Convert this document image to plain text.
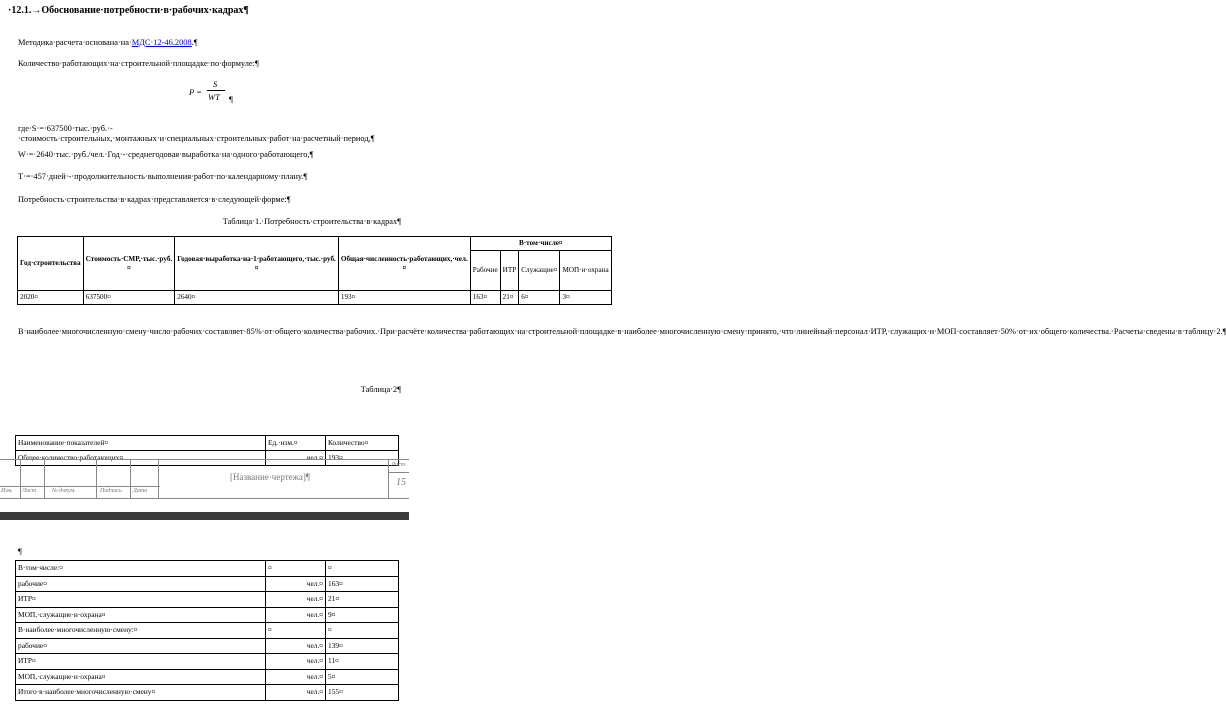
·12.1.→Обоснование·потребности·в·рабочих·кадрах¶
Методика·расчета·основана·на·МДС·12-46.2008.¶
Количество·работающих·на·строительной·площадке·по·формуле:¶
P =
S
WT ¶
где·S·=·637500·тыс.·руб.·-·стоимость·строительных,·монтажных·и·специальных·строительных·работ·на·расчетный·период,¶
W·=·2640·тыс.·руб./чел.·Год·-·среднегодовая·выработка·на·одного·работающего,¶
T·=·457·дней·-·продолжительность·выполнения·работ·по·календарному·плану.¶
Потребность·строительства·в·кадрах·представляется·в·следующей·форме:¶
Таблица·1.·Потребность·строительства·в·кадрах¶
Год·строительства	Стоимость·СМР,·тыс.·руб.¤	Годовая·выработка·на·1·работающего,·тыс.·руб.¤	Общая·численность·работающих,·чел.¤	В·том·числе¤			
				Рабочие	ИТР	Служащие¤	МОП·и·охрана
2020¤	637500¤	2640¤	193¤	163¤	21¤	6¤	3¤
В·наиболее·многочисленную·смену·число·рабочих·составляет·85%·от·общего·количества·рабочих.·При·расчёте·количества·работающих·на·строительной·площадке·в·наиболее·многочисленную·смену·принято,·что·линейный·персонал·ИТР,·служащих·и·МОП·составляет·50%·от·их·общего·количества.·Расчеты·сведены·в·таблицу·2.¶
Таблица·2¶
Наименование·показателей¤	Ед.·изм.¤	Количество¤
Общее·количество·работающих¤	чел.¤	193¤
Изм. Лист	№·докум.	Подпись Дата
[Название·чертежа]¶
Лист
15
¶
В·том·числе:¤	¤	¤
рабочие¤	чел.¤	163¤
ИТР¤	чел.¤	21¤
МОП,·служащие·и·охрана¤	чел.¤	9¤
В·наиболее·многочисленную·смену:¤	¤	¤
рабочие¤	чел.¤	139¤
ИТР¤	чел.¤	11¤
МОП,·служащие·и·охрана¤	чел.¤	5¤
Итого·в·наиболее·многочисленную·смену¤	чел.¤	155¤
